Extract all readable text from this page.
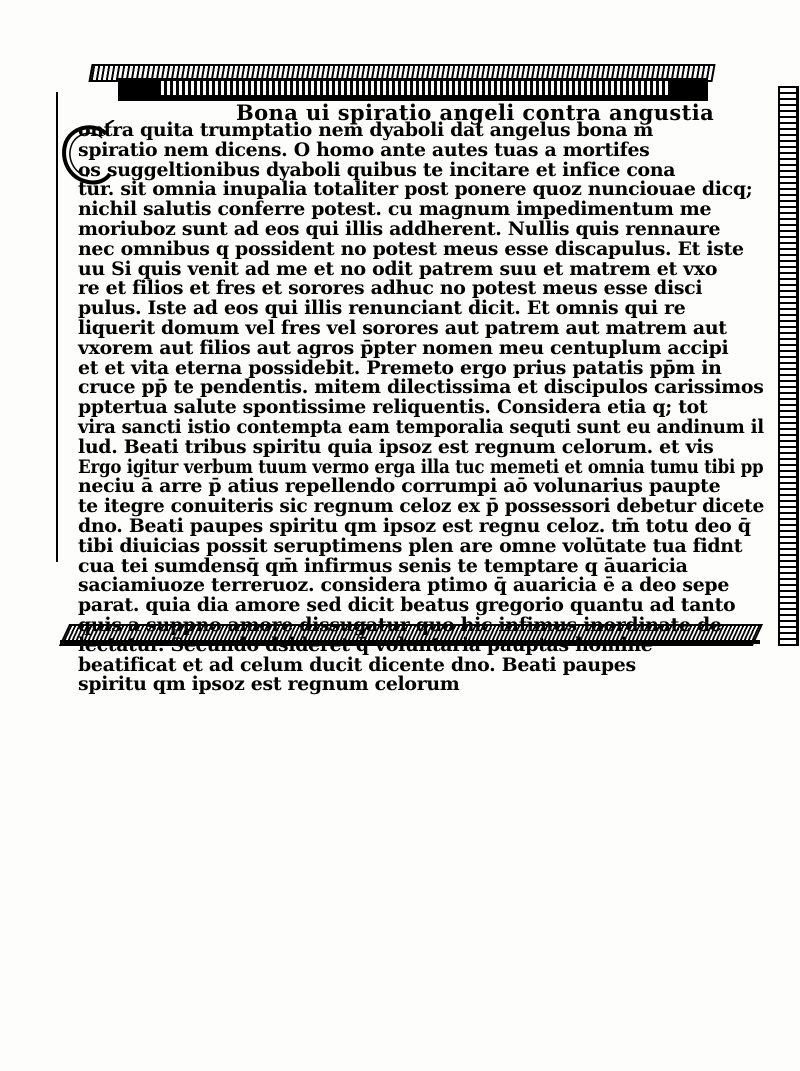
Bona ui spiratio angeli contra angustia
ontra quita trumptatio nem dyaboli dat angelus bona m
spiratio nem dicens. O homo ante autes tuas a mortifes
os suggeltionibus dyaboli quibus te incitare et infice cona
tur. sit omnia inupalia totaliter post ponere quoz nunciouae dicq;
nichil salutis conferre potest. cu magnum impedimentum me
moriuboz sunt ad eos qui illis addherent. Nullis quis rennaure
nec omnibus q possident no potest meus esse discapulus. Et iste
uu Si quis venit ad me et no odit patrem suu et matrem et vxo
re et filios et fres et sorores adhuc no potest meus esse disci
pulus. Iste ad eos qui illis renunciant dicit. Et omnis qui re
liquerit domum vel fres vel sorores aut patrem aut matrem aut
vxorem aut filios aut agros p̄pter nomen meu centuplum accipi
et et vita eterna possidebit. Premeto ergo prius patatis pp̄m in
cruce pp̄ te pendentis. mitem dilectissima et discipulos carissimos
pptertua salute spontissime reliquentis. Considera etia q; tot
vira sancti istio contempta eam temporalia sequti sunt eu andinum il
lud. Beati tribus spiritu quia ipsoz est regnum celorum. et vis
Ergo igitur verbum tuum vermo erga illa tuc memeti et omnia tumu tibi pp
neciu ā arre p̄ atius repellendo corrumpi aō volunarius paupte
te itegre conuiteris sic regnum celoz ex p̄ possessori debetur dicete
dno. Beati paupes spiritu qm ipsoz est regnu celoz. tm̄ totu deo q̄
tibi diuicias possit seruptimens plen are omne volūtate tua fidnt
cua tei sumdensq̄ qm̄ infirmus senis te temptare q āuaricia
saciamiuoze terreruoz. considera ptimo q̄ auaricia ē a deo sepe
parat. quia dia amore sed dicit beatus gregorio quantu ad tanto
quis a suppno amore dissugatur quo hic infimus inordinate de
lectatur. Secundo dsideret q̄ voluntaria pauptas homine
beatificat et ad celum ducit dicente dno. Beati paupes
spiritu qm ipsoz est regnum celorum
